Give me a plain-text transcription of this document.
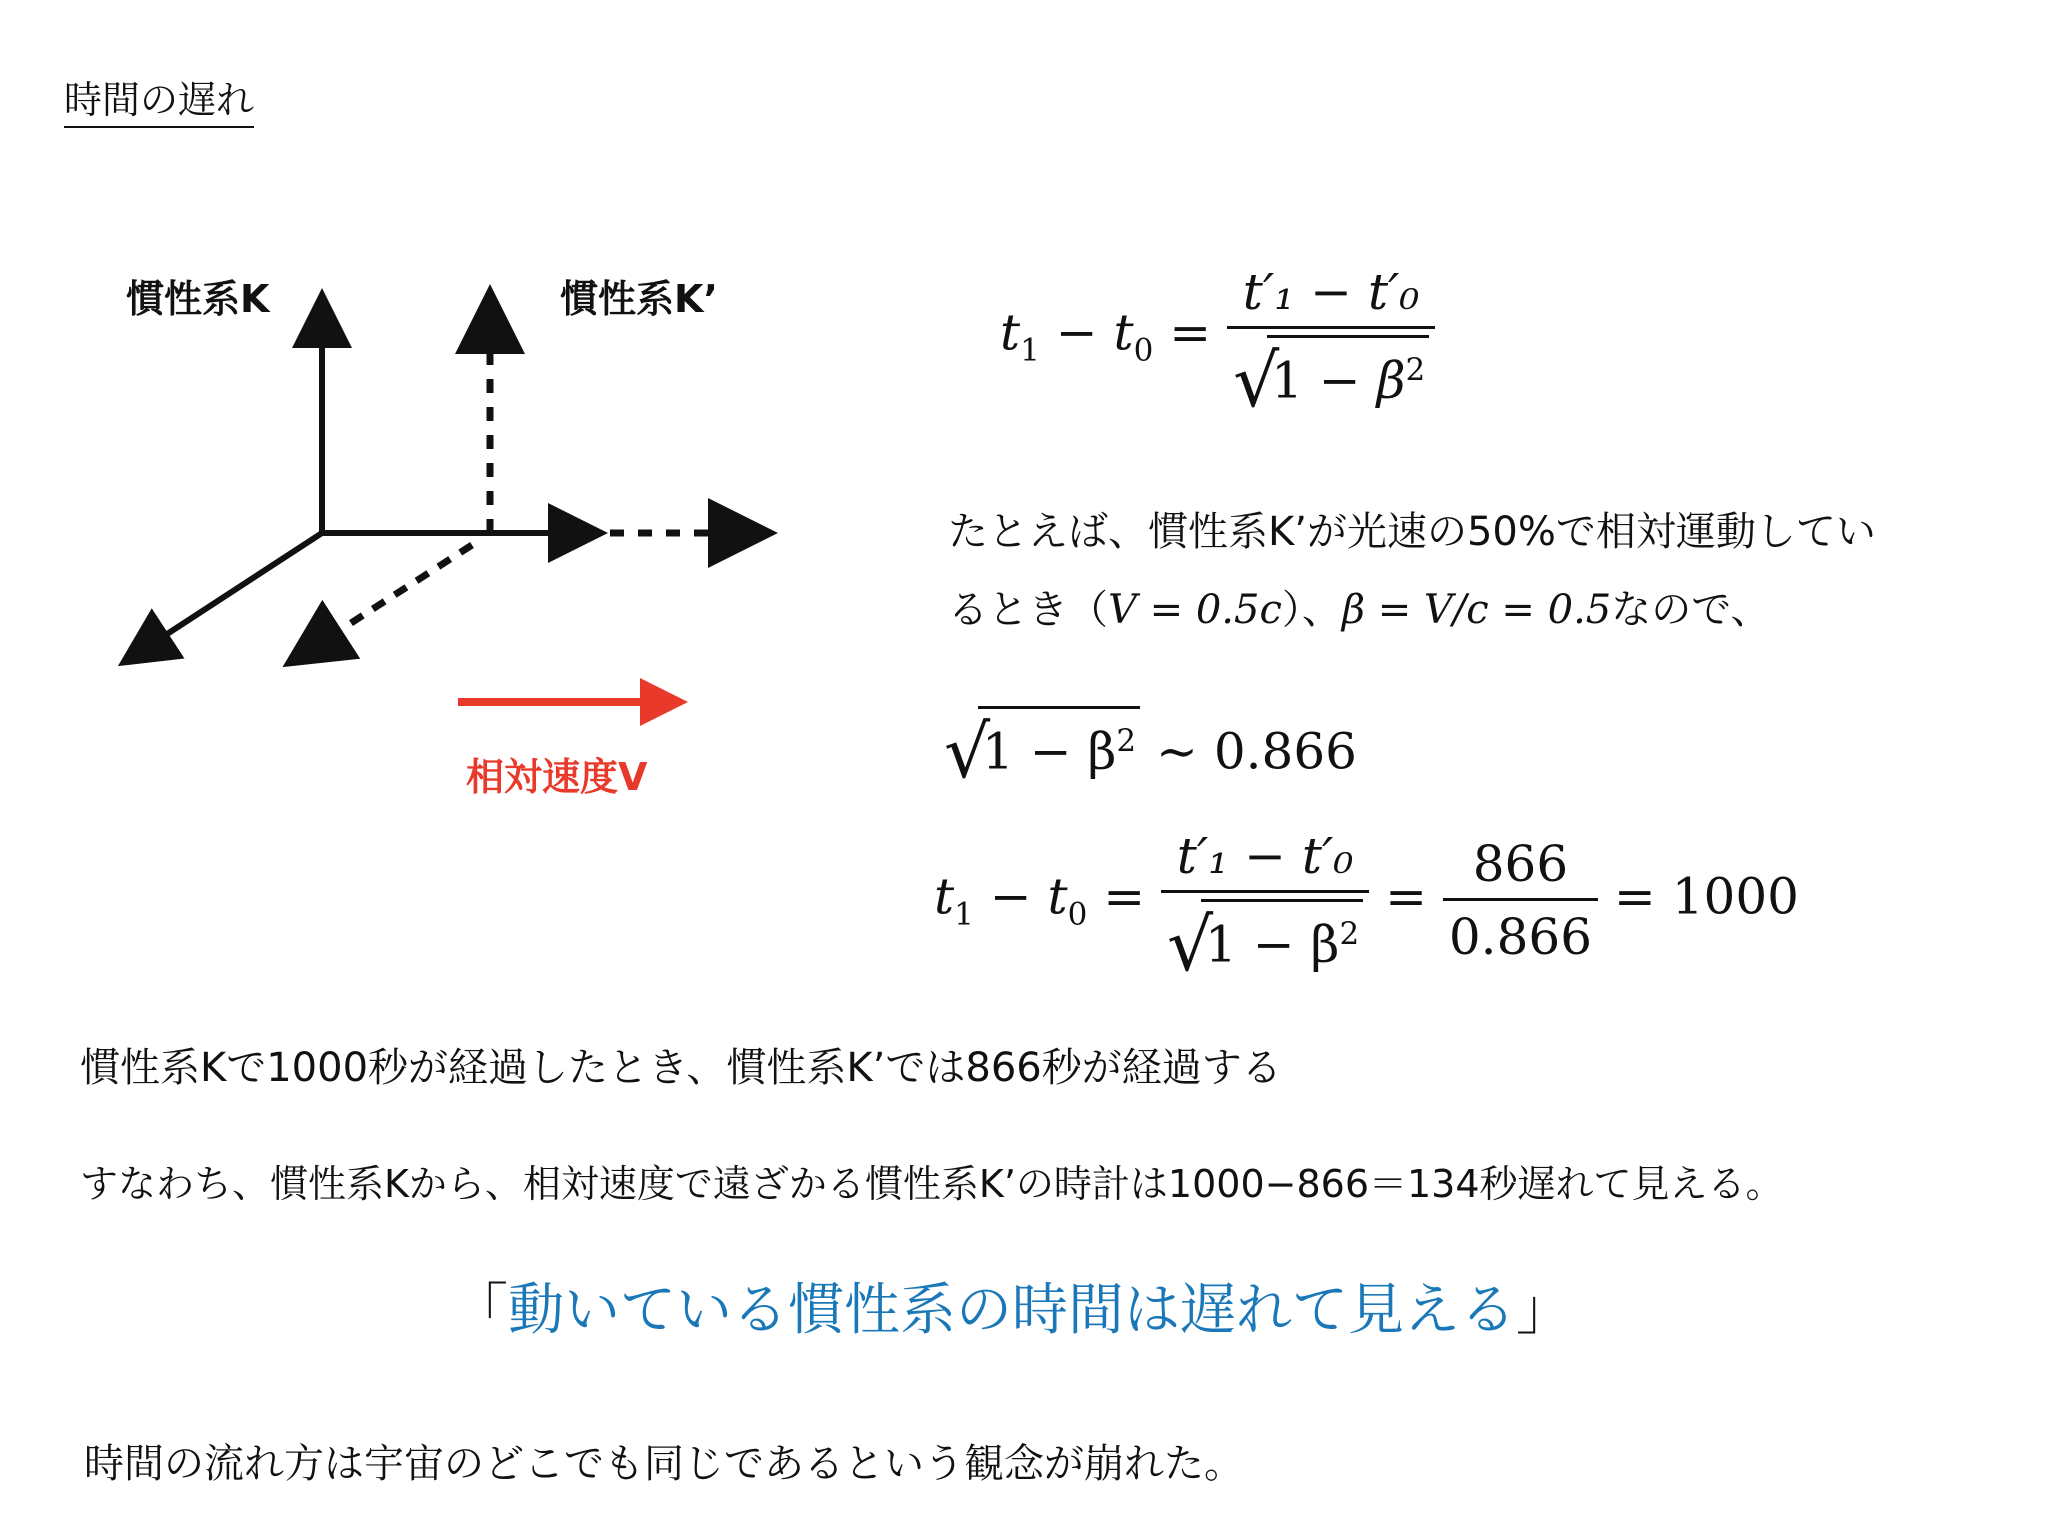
時間の遅れ
慣性系K	慣性系K’
相対速度V
$t_1 - t_0 = t'_1 - t'_0$
√
$1 - \beta^2$
たとえば、慣性系K’が光速の50%で相対運動してい
るとき（V = 0.5c）、β = V/c = 0.5なので、
√
$1 - \beta^2$ ∼ 0.866
$t_1 - t_0 = t'_1 - t'_0$
√
$1 - \beta^2 = \frac{866}{0.866} = 1000$
慣性系Kで1000秒が経過したとき、慣性系K’では866秒が経過する
すなわち、慣性系Kから、相対速度で遠ざかる慣性系K’の時計は1000−866＝134秒遅れて見える。
「動いている慣性系の時間は遅れて見える」
時間の流れ方は宇宙のどこでも同じであるという観念が崩れた。
